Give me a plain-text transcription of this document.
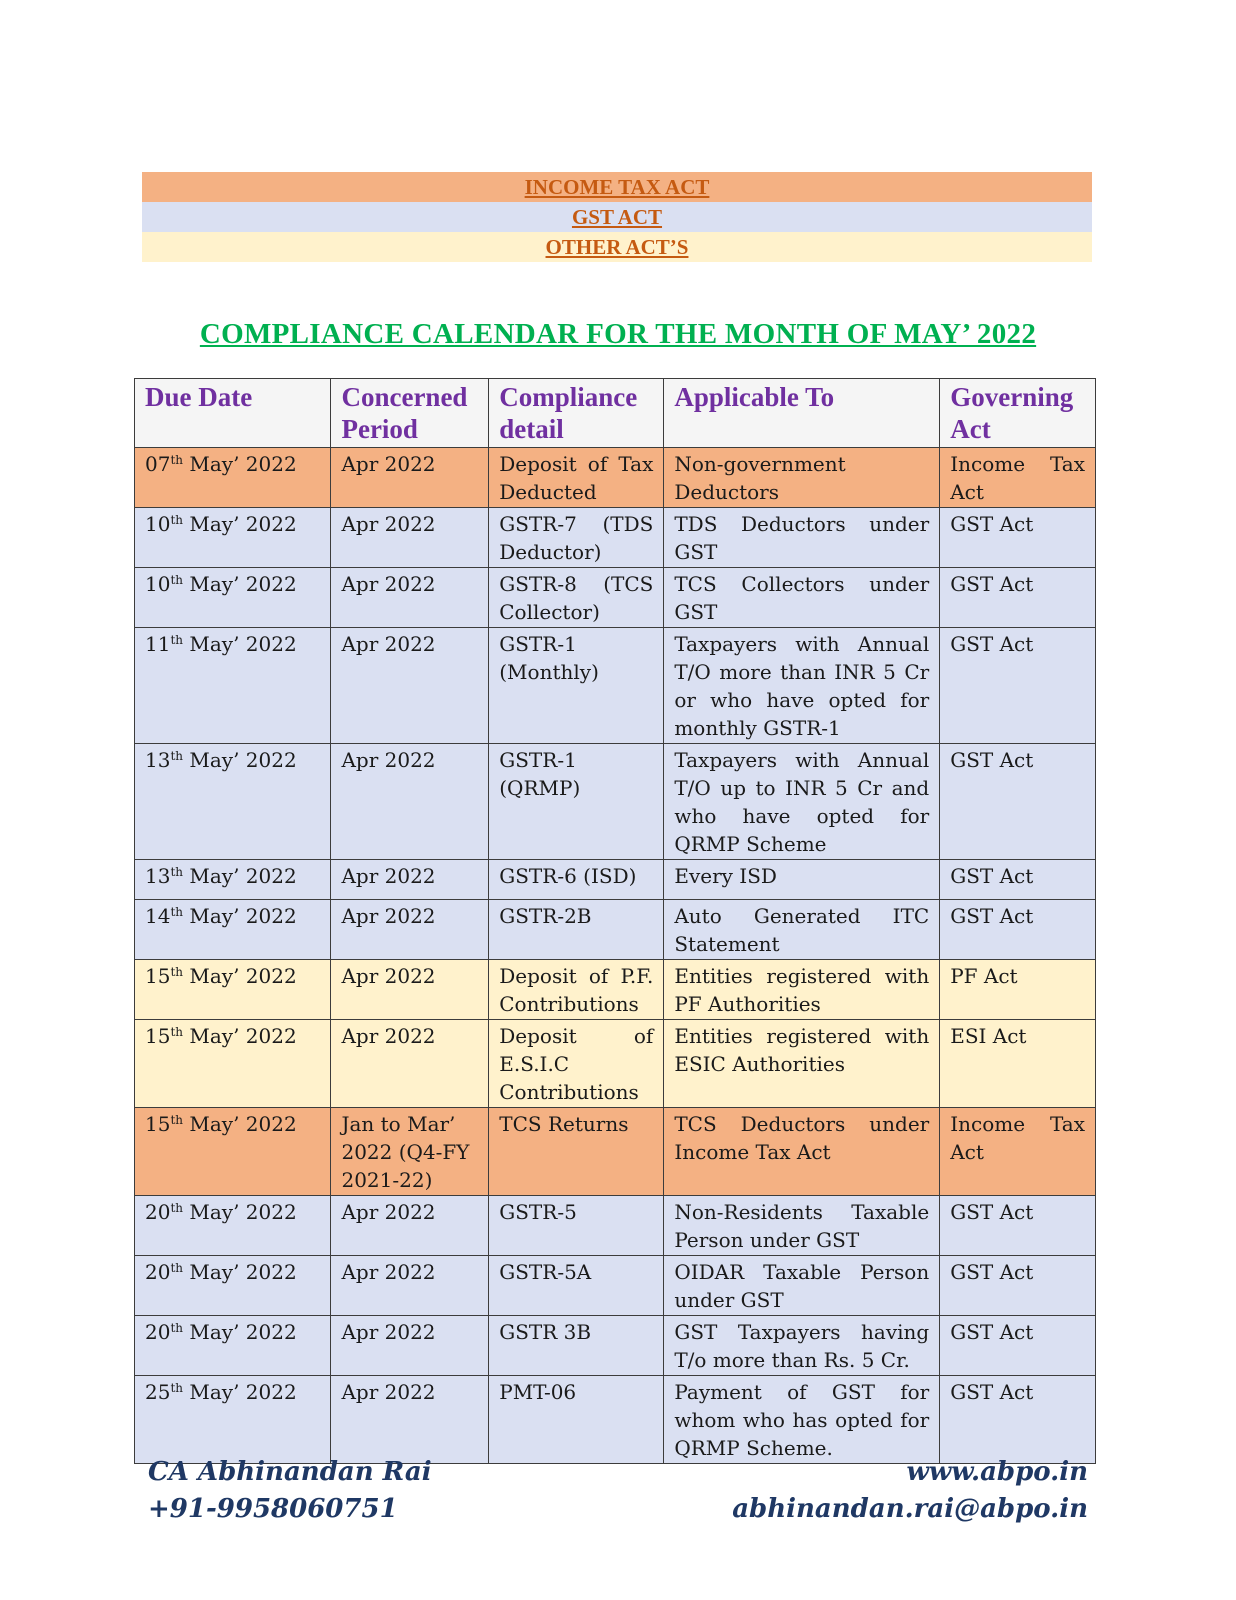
INCOME TAX ACT
GST ACT
OTHER ACT’S
COMPLIANCE CALENDAR FOR THE MONTH OF MAY’ 2022
Due Date	Concerned Period	Compliance detail	Applicable To	Governing Act
07th May’ 2022	Apr 2022	Deposit of Tax Deducted	Non-government Deductors	Income Tax Act
10th May’ 2022	Apr 2022	GSTR-7 (TDS Deductor)	TDS Deductors under GST	GST Act
10th May’ 2022	Apr 2022	GSTR-8 (TCS Collector)	TCS Collectors under GST	GST Act
11th May’ 2022	Apr 2022	GSTR-1 (Monthly)	Taxpayers with Annual T/O more than INR 5 Cr or who have opted for monthly GSTR-1	GST Act
13th May’ 2022	Apr 2022	GSTR-1 (QRMP)	Taxpayers with Annual T/O up to INR 5 Cr and who have opted for QRMP Scheme	GST Act
13th May’ 2022	Apr 2022	GSTR-6 (ISD)	Every ISD	GST Act
14th May’ 2022	Apr 2022	GSTR-2B	Auto Generated ITC Statement	GST Act
15th May’ 2022	Apr 2022	Deposit of P.F. Contributions	Entities registered with PF Authorities	PF Act
15th May’ 2022	Apr 2022	Deposit of E.S.I.C Contributions	Entities registered with ESIC Authorities	ESI Act
15th May’ 2022	Jan to Mar’ 2022 (Q4-FY 2021-22)	TCS Returns	TCS Deductors under Income Tax Act	Income Tax Act
20th May’ 2022	Apr 2022	GSTR-5	Non-Residents Taxable Person under GST	GST Act
20th May’ 2022	Apr 2022	GSTR-5A	OIDAR Taxable Person under GST	GST Act
20th May’ 2022	Apr 2022	GSTR 3B	GST Taxpayers having T/o more than Rs. 5 Cr.	GST Act
25th May’ 2022	Apr 2022	PMT-06	Payment of GST for whom who has opted for QRMP Scheme.	GST Act
CA Abhinandan Rai
+91-9958060751
www.abpo.in
abhinandan.rai@abpo.in
